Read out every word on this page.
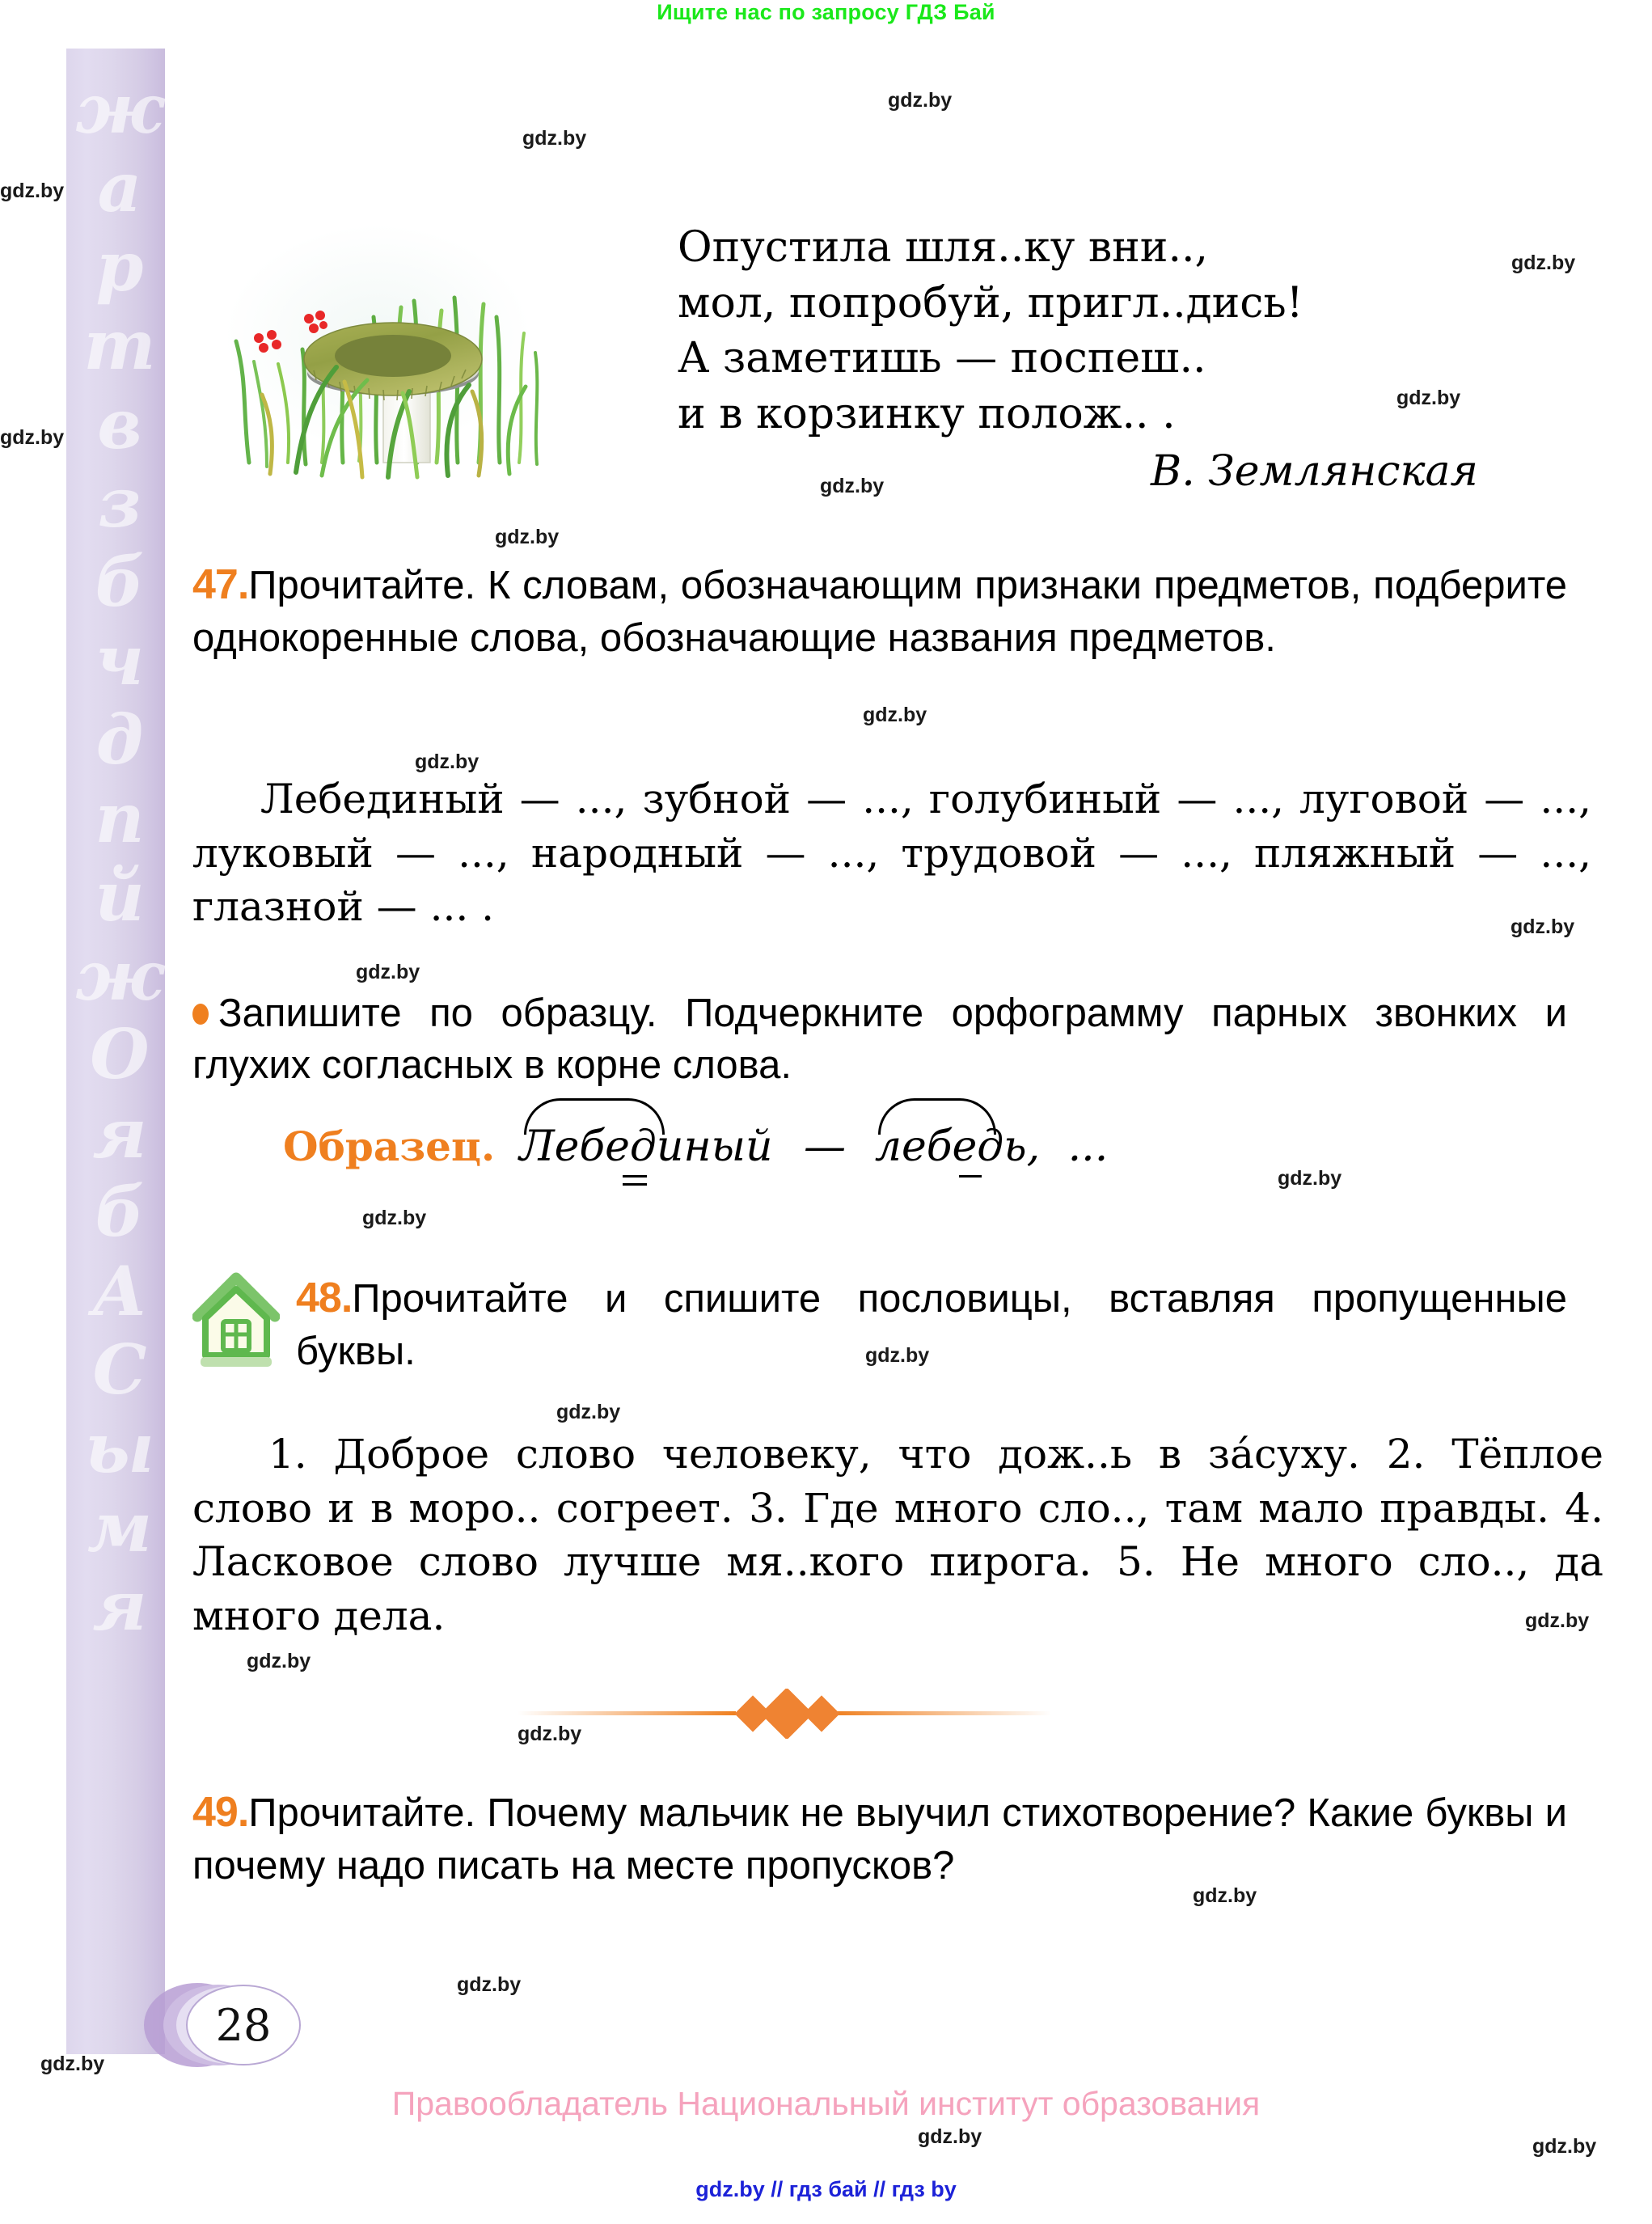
Ищите нас по запросу ГДЗ Бай
ж
а
р
т
в
з
б
ч
д
п
й
ж
О
я
б
А
С
ы
м
я
Опустила шля..ку вни..,
мол, попробуй, пригл..дись!
А заметишь — поспеш..
и в корзинку полож.. .
В. Землянская
47.Прочитайте. К словам, обозначающим признаки предметов, подберите однокоренные слова, обозначающие названия предметов.
Лебединый — ..., зубной — ..., голубиный — ..., луговой — ..., луковый — ..., народный — ..., трудовой — ..., пляжный — ..., глазной — ... .
Запишите по образцу. Подчеркните орфограмму парных звонких и глухих согласных в корне слова.
Образец. Лебединый — лебедь, ...
48.Прочитайте и спишите пословицы, вставляя пропущенные буквы.
1. Доброе слово человеку, что дож..ь в за́суху. 2. Тёплое слово и в моро.. согреет. 3. Где много сло.., там мало правды. 4. Ласковое слово лучше мя..кого пирога. 5. Не много сло.., да много дела.
49.Прочитайте. Почему мальчик не выучил стихотворение? Какие буквы и почему надо писать на месте пропусков?
28
Правообладатель Национальный институт образования
gdz.by // гдз бай // гдз by
gdz.by
gdz.by
gdz.by
gdz.by
gdz.by
gdz.by
gdz.by
gdz.by
gdz.by
gdz.by
gdz.by
gdz.by
gdz.by
gdz.by
gdz.by
gdz.by
gdz.by
gdz.by
gdz.by
gdz.by
gdz.by
gdz.by
gdz.by	gdz.by
